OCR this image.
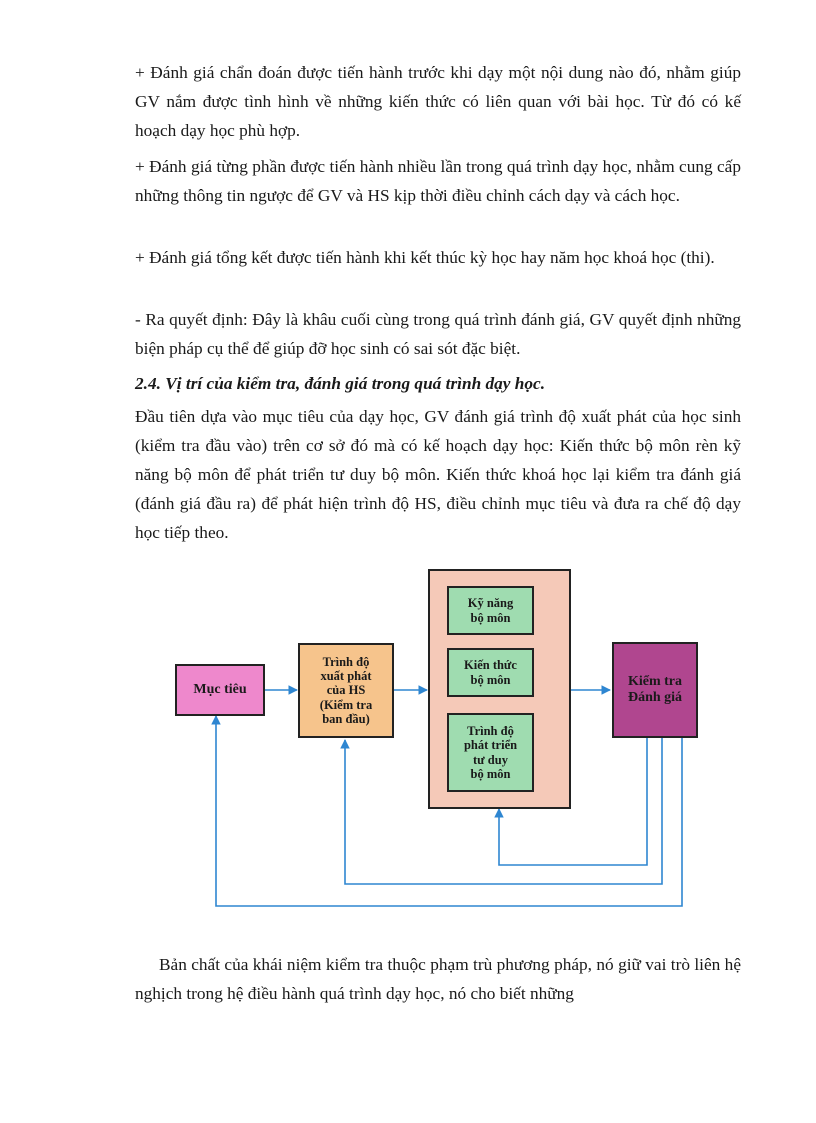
+ Đánh giá chẩn đoán được tiến hành trước khi dạy một nội dung nào đó, nhằm giúp GV nắm được tình hình về những kiến thức có liên quan với bài học. Từ đó có kế hoạch dạy học phù hợp.

+ Đánh giá từng phần được tiến hành nhiều lần trong quá trình dạy học, nhằm cung cấp những thông tin ngược để GV và HS kịp thời điều chỉnh cách dạy và cách học.

+ Đánh giá tổng kết được tiến hành khi kết thúc kỳ học hay năm học khoá học (thi).

- Ra quyết định: Đây là khâu cuối cùng trong quá trình đánh giá, GV quyết định những biện pháp cụ thể để giúp đỡ học sinh có sai sót đặc biệt.

2.4. Vị trí của kiểm tra, đánh giá trong quá trình dạy học.

Đầu tiên dựa vào mục tiêu của dạy học, GV đánh giá trình độ xuất phát của học sinh (kiểm tra đầu vào) trên cơ sở đó mà có kế hoạch dạy học: Kiến thức bộ môn rèn kỹ năng bộ môn để phát triển tư duy bộ môn. Kiến thức khoá học lại kiểm tra đánh giá (đánh giá đầu ra) để phát hiện trình độ HS, điều chỉnh mục tiêu và đưa ra chế độ dạy học tiếp theo.

Mục tiêu
Trình độ
xuất phát
của HS
(Kiểm tra
ban đầu)
Kỹ năng
bộ môn
Kiến thức
bộ môn
Trình độ
phát triển
tư duy
bộ môn
Kiểm tra
Đánh giá

Bản chất của khái niệm kiểm tra thuộc phạm trù phương pháp, nó giữ vai trò liên hệ nghịch trong hệ điều hành quá trình dạy học, nó cho biết những
